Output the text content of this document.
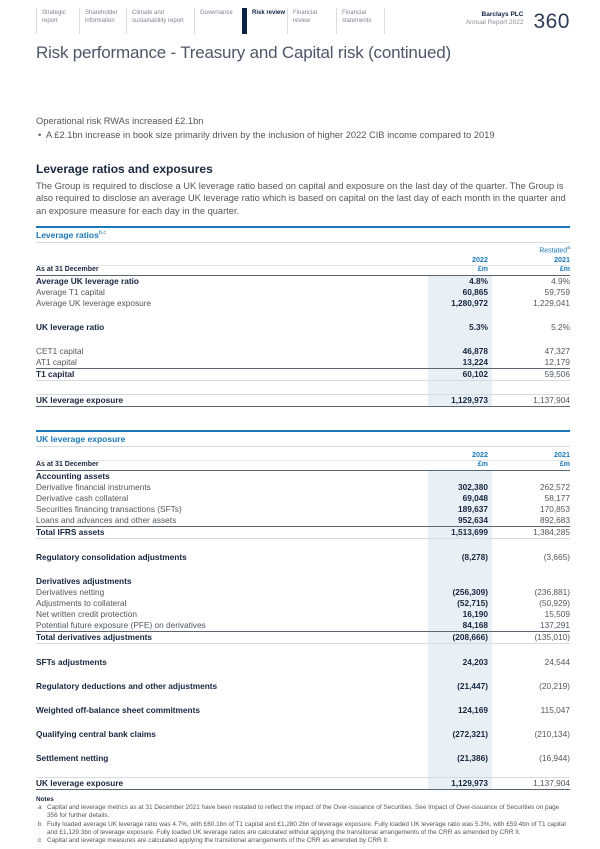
Strategic report
Shareholder information
Climate and sustainability report
Governance	Risk review	Financial review
Financial statements
Barclays PLC
Annual Report 2022 360
Risk performance - Treasury and Capital risk (continued)
Operational risk RWAs increased £2.1bn
• A £2.1bn increase in book size primarily driven by the inclusion of higher 2022 CIB income compared to 2019
Leverage ratios and exposures
The Group is required to disclose a UK leverage ratio based on capital and exposure on the last day of the quarter. The Group is also required to disclose an average UK leverage ratio which is based on capital on the last day of each month in the quarter and an exposure measure for each day in the quarter.
Leverage ratios$^{b,c}$
Restated$^a$
2022	2021
As at 31 December	£m	£m
Average UK leverage ratio	4.8%	4.9%
Average T1 capital	60,865	59,759
Average UK leverage exposure	1,280,972	1,229,041
UK leverage ratio	5.3%	5.2%
CET1 capital	46,878	47,327
AT1 capital	13,224	12,179
T1 capital	60,102	59,506
UK leverage exposure	1,129,973	1,137,904
UK leverage exposure
2022	2021
As at 31 December	£m	£m
Accounting assets
Derivative financial instruments	302,380	262,572
Derivative cash collateral	69,048	58,177
Securities financing transactions (SFTs)	189,637	170,853
Loans and advances and other assets	952,634	892,683
Total IFRS assets	1,513,699	1,384,285
Regulatory consolidation adjustments	(8,278)	(3,665)
Derivatives adjustments
Derivatives netting	(256,309)	(236,881)
Adjustments to collateral	(52,715)	(50,929)
Net written credit protection	16,190	15,509
Potential future exposure (PFE) on derivatives	84,168	137,291
Total derivatives adjustments	(208,666)	(135,010)
SFTs adjustments	24,203	24,544
Regulatory deductions and other adjustments	(21,447)	(20,219)
Weighted off-balance sheet commitments	124,169	115,047
Qualifying central bank claims	(272,321)	(210,134)
Settlement netting	(21,386)	(16,944)
UK leverage exposure	1,129,973	1,137,904
Notes
a Capital and leverage metrics as at 31 December 2021 have been restated to reflect the impact of the Over-issuance of Securities. See Impact of Over-issuance of Securities on page 356 for further details.
b Fully loaded average UK leverage ratio was 4.7%, with £60.1bn of T1 capital and £1,280.2bn of leverage exposure. Fully loaded UK leverage ratio was 5.3%, with £59.4bn of T1 capital and £1,129.3bn of leverage exposure. Fully loaded UK leverage ratios are calculated without applying the transitional arrangements of the CRR as amended by CRR II.
c Capital and leverage measures are calculated applying the transitional arrangements of the CRR as amended by CRR II.
